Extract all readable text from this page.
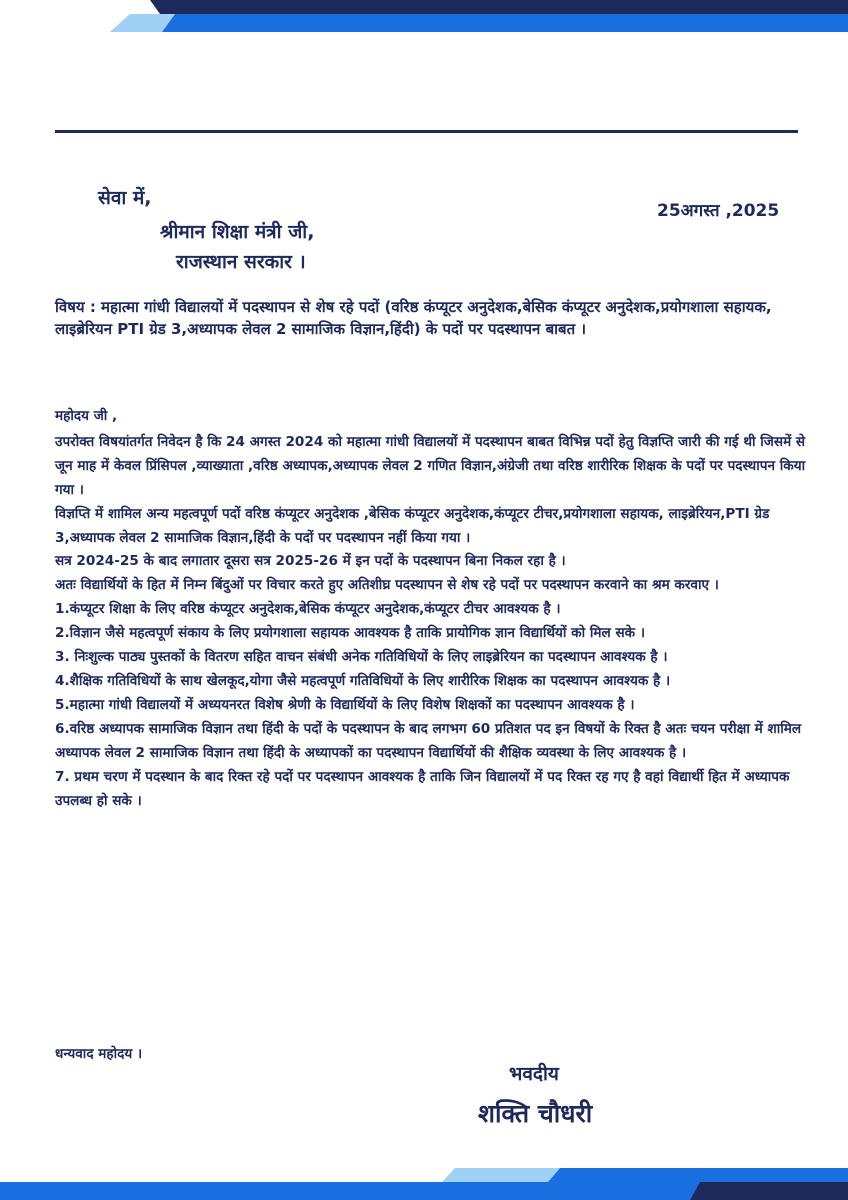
सेवा में,
श्रीमान शिक्षा मंत्री जी,
राजस्थान सरकार ।
25अगस्त ,2025
विषय : महात्मा गांधी विद्यालयों में पदस्थापन से शेष रहे पदों (वरिष्ठ कंप्यूटर अनुदेशक,बेसिक कंप्यूटर अनुदेशक,प्रयोगशाला सहायक, लाइब्रेरियन PTI ग्रेड 3,अध्यापक लेवल 2 सामाजिक विज्ञान,हिंदी) के पदों पर पदस्थापन बाबत ।

महोदय जी ,

उपरोक्त विषयांतर्गत निवेदन है कि 24 अगस्त 2024 को महात्मा गांधी विद्यालयों में पदस्थापन बाबत विभिन्न पदों हेतु विज्ञप्ति जारी की गई थी जिसमें से जून माह में केवल प्रिंसिपल ,व्याख्याता ,वरिष्ठ अध्यापक,अध्यापक लेवल 2 गणित विज्ञान,अंग्रेजी तथा वरिष्ठ शारीरिक शिक्षक के पदों पर पदस्थापन किया गया ।

विज्ञप्ति में शामिल अन्य महत्वपूर्ण पदों वरिष्ठ कंप्यूटर अनुदेशक ,बेसिक कंप्यूटर अनुदेशक,कंप्यूटर टीचर,प्रयोगशाला सहायक, लाइब्रेरियन,PTI ग्रेड 3,अध्यापक लेवल 2 सामाजिक विज्ञान,हिंदी के पदों पर पदस्थापन नहीं किया गया ।

सत्र 2024-25 के बाद लगातार दूसरा सत्र 2025-26 में इन पदों के पदस्थापन बिना निकल रहा है ।

अतः विद्यार्थियों के हित में निम्न बिंदुओं पर विचार करते हुए अतिशीघ्र पदस्थापन से शेष रहे पदों पर पदस्थापन करवाने का श्रम करवाए ।

1.कंप्यूटर शिक्षा के लिए वरिष्ठ कंप्यूटर अनुदेशक,बेसिक कंप्यूटर अनुदेशक,कंप्यूटर टीचर आवश्यक है ।

2.विज्ञान जैसे महत्वपूर्ण संकाय के लिए प्रयोगशाला सहायक आवश्यक है ताकि प्रायोगिक ज्ञान विद्यार्थियों को मिल सके ।

3. निःशुल्क पाठ्य पुस्तकों के वितरण सहित वाचन संबंधी अनेक गतिविधियों के लिए लाइब्रेरियन का पदस्थापन आवश्यक है ।

4.शैक्षिक गतिविधियों के साथ खेलकूद,योगा जैसे महत्वपूर्ण गतिविधियों के लिए शारीरिक शिक्षक का पदस्थापन आवश्यक है ।

5.महात्मा गांधी विद्यालयों में अध्ययनरत विशेष श्रेणी के विद्यार्थियों के लिए विशेष शिक्षकों का पदस्थापन आवश्यक है ।

6.वरिष्ठ अध्यापक सामाजिक विज्ञान तथा हिंदी के पदों के पदस्थापन के बाद लगभग 60 प्रतिशत पद इन विषयों के रिक्त है अतः चयन परीक्षा में शामिल अध्यापक लेवल 2 सामाजिक विज्ञान तथा हिंदी के अध्यापकों का पदस्थापन विद्यार्थियों की शैक्षिक व्यवस्था के लिए आवश्यक है ।

7. प्रथम चरण में पदस्थान के बाद रिक्त रहे पदों पर पदस्थापन आवश्यक है ताकि जिन विद्यालयों में पद रिक्त रह गए है वहां विद्यार्थी हित में अध्यापक उपलब्ध हो सके ।

धन्यवाद महोदय ।
भवदीय
शक्ति चौधरी
